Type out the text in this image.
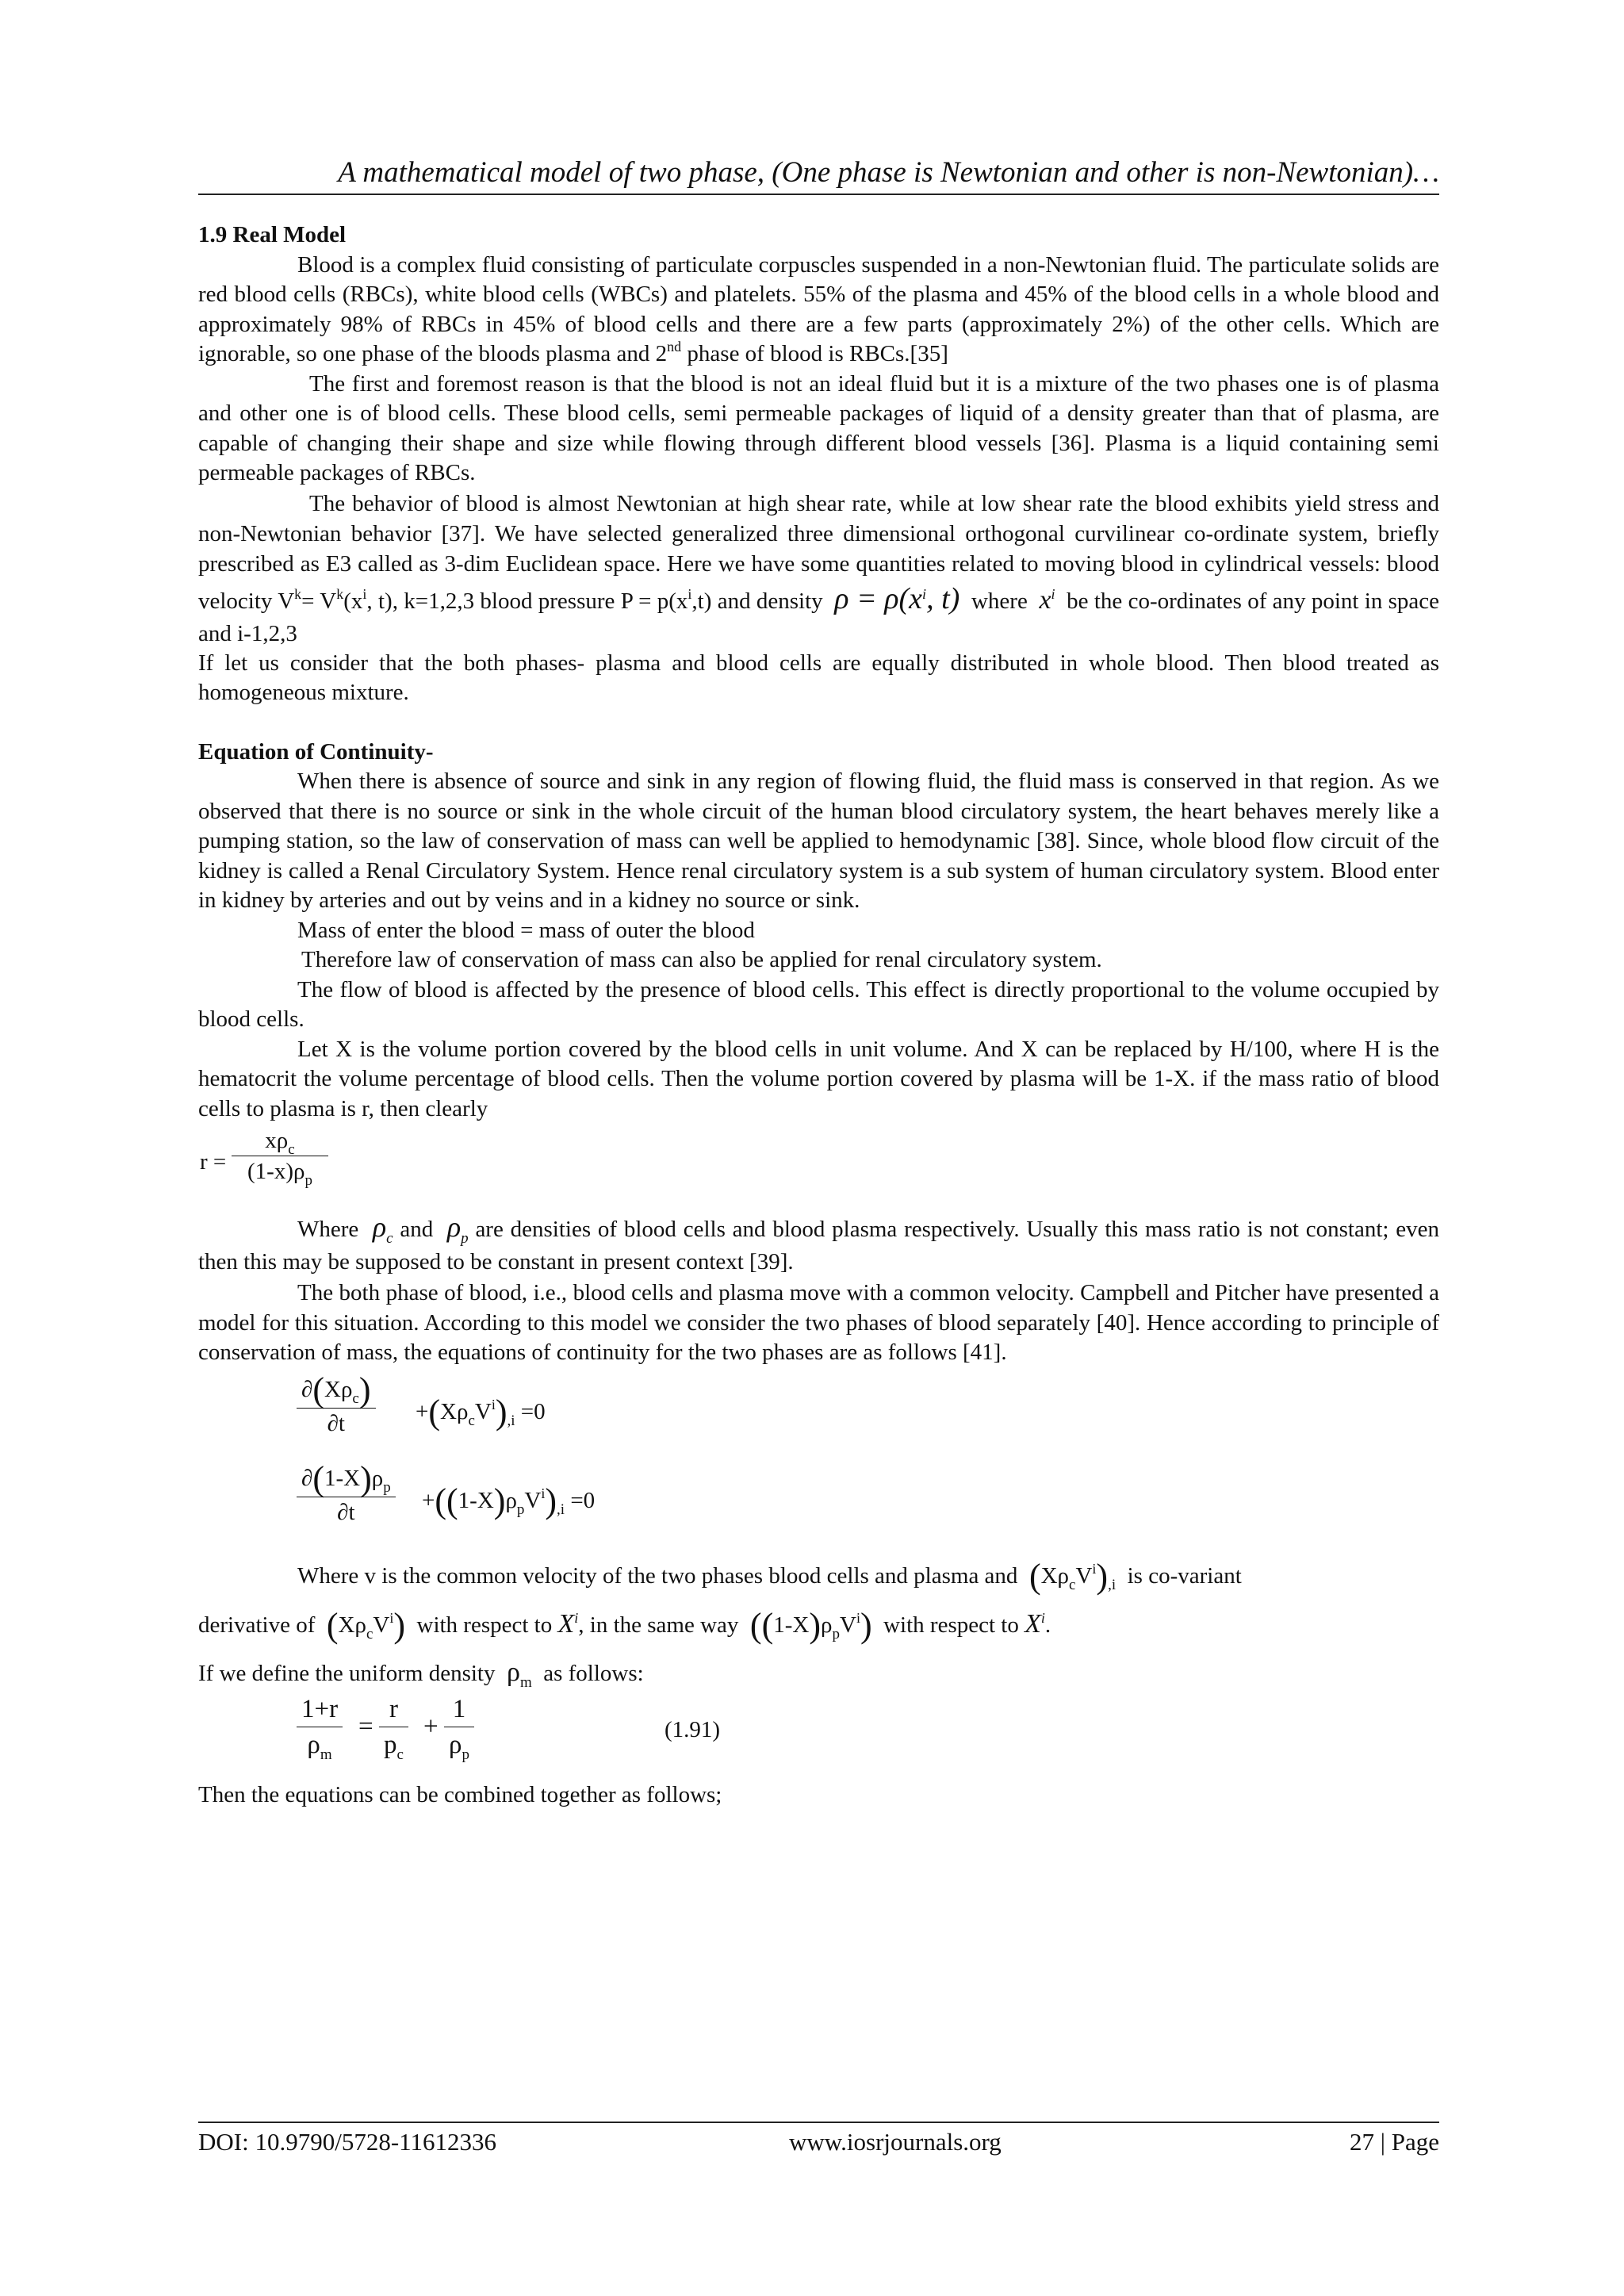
A mathematical model of two phase, (One phase is Newtonian and other is non-Newtonian)…

1.9 Real Model

Blood is a complex fluid consisting of particulate corpuscles suspended in a non-Newtonian fluid. The particulate solids are red blood cells (RBCs), white blood cells (WBCs) and platelets. 55% of the plasma and 45% of the blood cells in a whole blood and approximately 98% of RBCs in 45% of blood cells and there are a few parts (approximately 2%) of the other cells. Which are ignorable, so one phase of the bloods plasma and 2nd phase of blood is RBCs.[35]

The first and foremost reason is that the blood is not an ideal fluid but it is a mixture of the two phases one is of plasma and other one is of blood cells. These blood cells, semi permeable packages of liquid of a density greater than that of plasma, are capable of changing their shape and size while flowing through different blood vessels [36]. Plasma is a liquid containing semi permeable packages of RBCs.

The behavior of blood is almost Newtonian at high shear rate, while at low shear rate the blood exhibits yield stress and non-Newtonian behavior [37]. We have selected generalized three dimensional orthogonal curvilinear co-ordinate system, briefly prescribed as E3 called as 3-dim Euclidean space. Here we have some quantities related to moving blood in cylindrical vessels: blood velocity $V^k= V^k(x^i$, t), k=1,2,3 blood pressure $P = p(x^i,t)$ and density $\rho = \rho(x^i$, t) where $x^i$ be the co-ordinates of any point in space and i-1,2,3

If let us consider that the both phases- plasma and blood cells are equally distributed in whole blood. Then blood treated as homogeneous mixture.

Equation of Continuity-

When there is absence of source and sink in any region of flowing fluid, the fluid mass is conserved in that region. As we observed that there is no source or sink in the whole circuit of the human blood circulatory system, the heart behaves merely like a pumping station, so the law of conservation of mass can well be applied to hemodynamic [38]. Since, whole blood flow circuit of the kidney is called a Renal Circulatory System. Hence renal circulatory system is a sub system of human circulatory system. Blood enter in kidney by arteries and out by veins and in a kidney no source or sink.

Mass of enter the blood = mass of outer the blood

Therefore law of conservation of mass can also be applied for renal circulatory system.

The flow of blood is affected by the presence of blood cells. This effect is directly proportional to the volume occupied by blood cells.

Let X is the volume portion covered by the blood cells in unit volume. And X can be replaced by H/100, where H is the hematocrit the volume percentage of blood cells. Then the volume portion covered by plasma will be 1-X. if the mass ratio of blood cells to plasma is r, then clearly

r =
$x\rho_c$
$(1-x)\rho_p$

Where $\rho_c$ and $\rho_p$ are densities of blood cells and blood plasma respectively. Usually this mass ratio is not constant; even then this may be supposed to be constant in present context [39].

The both phase of blood, i.e., blood cells and plasma move with a common velocity. Campbell and Pitcher have presented a model for this situation. According to this model we consider the two phases of blood separately [40]. Hence according to principle of conservation of mass, the equations of continuity for the two phases are as follows [41].

$\partial(X\rho_c)$
∂t	$+(X\rho_cV^i)_{,i} =0$
$\frac{\partial(1-X)\rho_p}{\partial t} +((1-X)\rho_pV^i)_{,i} =0$

Where v is the common velocity of the two phases blood cells and plasma and $(X\rho_cV^i)_{,i}$ is co-variant

derivative of $(X\rho_cV^i)$ with respect to $X^i$, in the same way $((1-X)\rho_pV^i)$ with respect to $X^i$.

If we define the uniform density $\rho_m$ as follows:

$\frac{1+r}{\rho_m} = \frac{r}{p_c} + \frac{1}{\rho_p}$	(1.91)

Then the equations can be combined together as follows;

DOI: 10.9790/5728-11612336	www.iosrjournals.org	27 | Page
